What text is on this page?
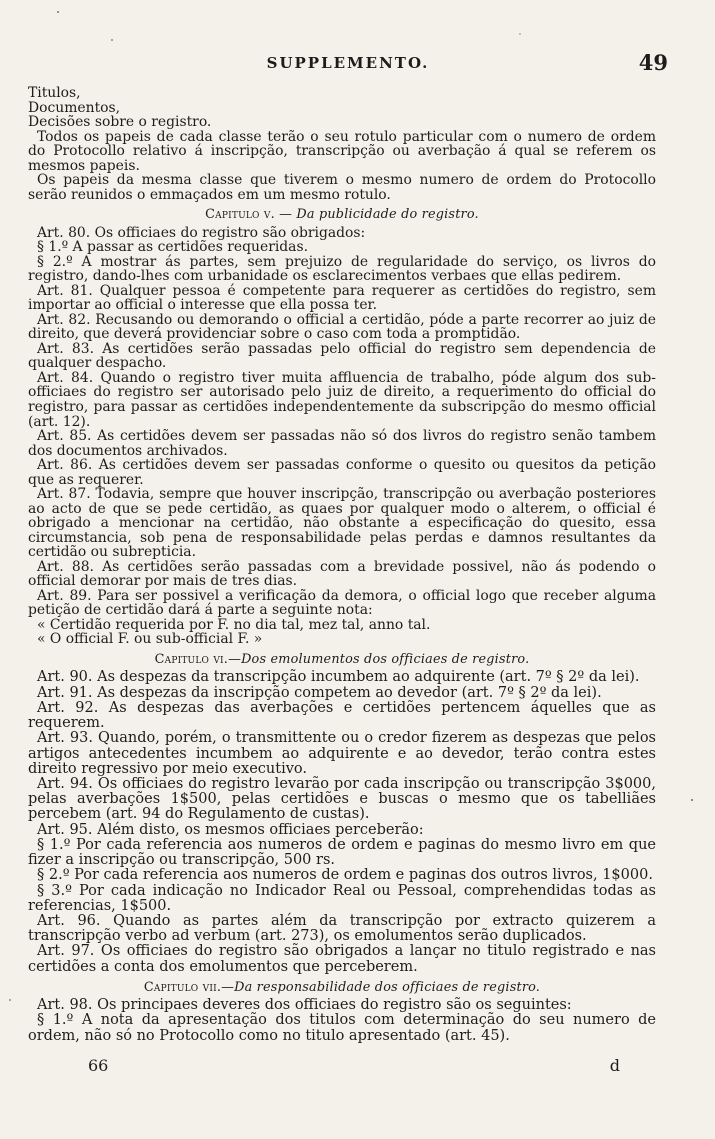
SUPPLEMENTO.	49

Titulos,

Documentos,

Decisões sobre o registro.

Todos os papeis de cada classe terão o seu rotulo particular com o numero de ordem do Protocollo relativo á inscripção, transcripção ou averbação á qual se referem os mesmos papeis.

Os papeis da mesma classe que tiverem o mesmo numero de ordem do Protocollo serão reunidos o emmaçados em um mesmo rotulo.

Capitulo v. — Da publicidade do registro.

Art. 80. Os officiaes do registro são obrigados:

§ 1.º A passar as certidões requeridas.

§ 2.º A mostrar ás partes, sem prejuizo de regularidade do serviço, os livros do registro, dando-lhes com urbanidade os esclarecimentos verbaes que ellas pedirem.

Art. 81. Qualquer pessoa é competente para requerer as certidões do registro, sem importar ao official o interesse que ella possa ter.

Art. 82. Recusando ou demorando o official a certidão, póde a parte recorrer ao juiz de direito, que deverá providenciar sobre o caso com toda a promptidão.

Art. 83. As certidões serão passadas pelo official do registro sem dependencia de qualquer despacho.

Art. 84. Quando o registro tiver muita affluencia de trabalho, póde algum dos sub-officiaes do registro ser autorisado pelo juiz de direito, a requerimento do official do registro, para passar as certidões independentemente da subscripção do mesmo official (art. 12).

Art. 85. As certidões devem ser passadas não só dos livros do registro senão tambem dos documentos archivados.

Art. 86. As certidões devem ser passadas conforme o quesito ou quesitos da petição que as requerer.

Art. 87. Todavia, sempre que houver inscripção, transcripção ou averbação posteriores ao acto de que se pede certidão, as quaes por qualquer modo o alterem, o official é obrigado a mencionar na certidão, não obstante a especificação do quesito, essa circumstancia, sob pena de responsabilidade pelas perdas e damnos resultantes da certidão ou subrepticia.

Art. 88. As certidões serão passadas com a brevidade possivel, não ás podendo o official demorar por mais de tres dias.

Art. 89. Para ser possivel a verificação da demora, o official logo que receber alguma petição de certidão dará á parte a seguinte nota:

« Certidão requerida por F. no dia tal, mez tal, anno tal.

« O official F. ou sub-official F. »

Capitulo vi.—Dos emolumentos dos officiaes de registro.

Art. 90. As despezas da transcripção incumbem ao adquirente (art. 7º § 2º da lei).

Art. 91. As despezas da inscripção competem ao devedor (art. 7º § 2º da lei).

Art. 92. As despezas das averbações e certidões pertencem áquelles que as requerem.

Art. 93. Quando, porém, o transmittente ou o credor fizerem as despezas que pelos artigos antecedentes incumbem ao adquirente e ao devedor, terão contra estes direito regressivo por meio executivo.

Art. 94. Os officiaes do registro levarão por cada inscripção ou transcripção 3$000, pelas averbações 1$500, pelas certidões e buscas o mesmo que os tabelliães percebem (art. 94 do Regulamento de custas).

Art. 95. Além disto, os mesmos officiaes perceberão:

§ 1.º Por cada referencia aos numeros de ordem e paginas do mesmo livro em que fizer a inscripção ou transcripção, 500 rs.

§ 2.º Por cada referencia aos numeros de ordem e paginas dos outros livros, 1$000.

§ 3.º Por cada indicação no Indicador Real ou Pessoal, comprehendidas todas as referencias, 1$500.

Art. 96. Quando as partes além da transcripção por extracto quizerem a transcripção verbo ad verbum (art. 273), os emolumentos serão duplicados.

Art. 97. Os officiaes do registro são obrigados a lançar no titulo registrado e nas certidões a conta dos emolumentos que perceberem.

Capitulo vii.—Da responsabilidade dos officiaes de registro.

Art. 98. Os principaes deveres dos officiaes do registro são os seguintes:

§ 1.º A nota da apresentação dos titulos com determinação do seu numero de ordem, não só no Protocollo como no titulo apresentado (art. 45).

66	d
